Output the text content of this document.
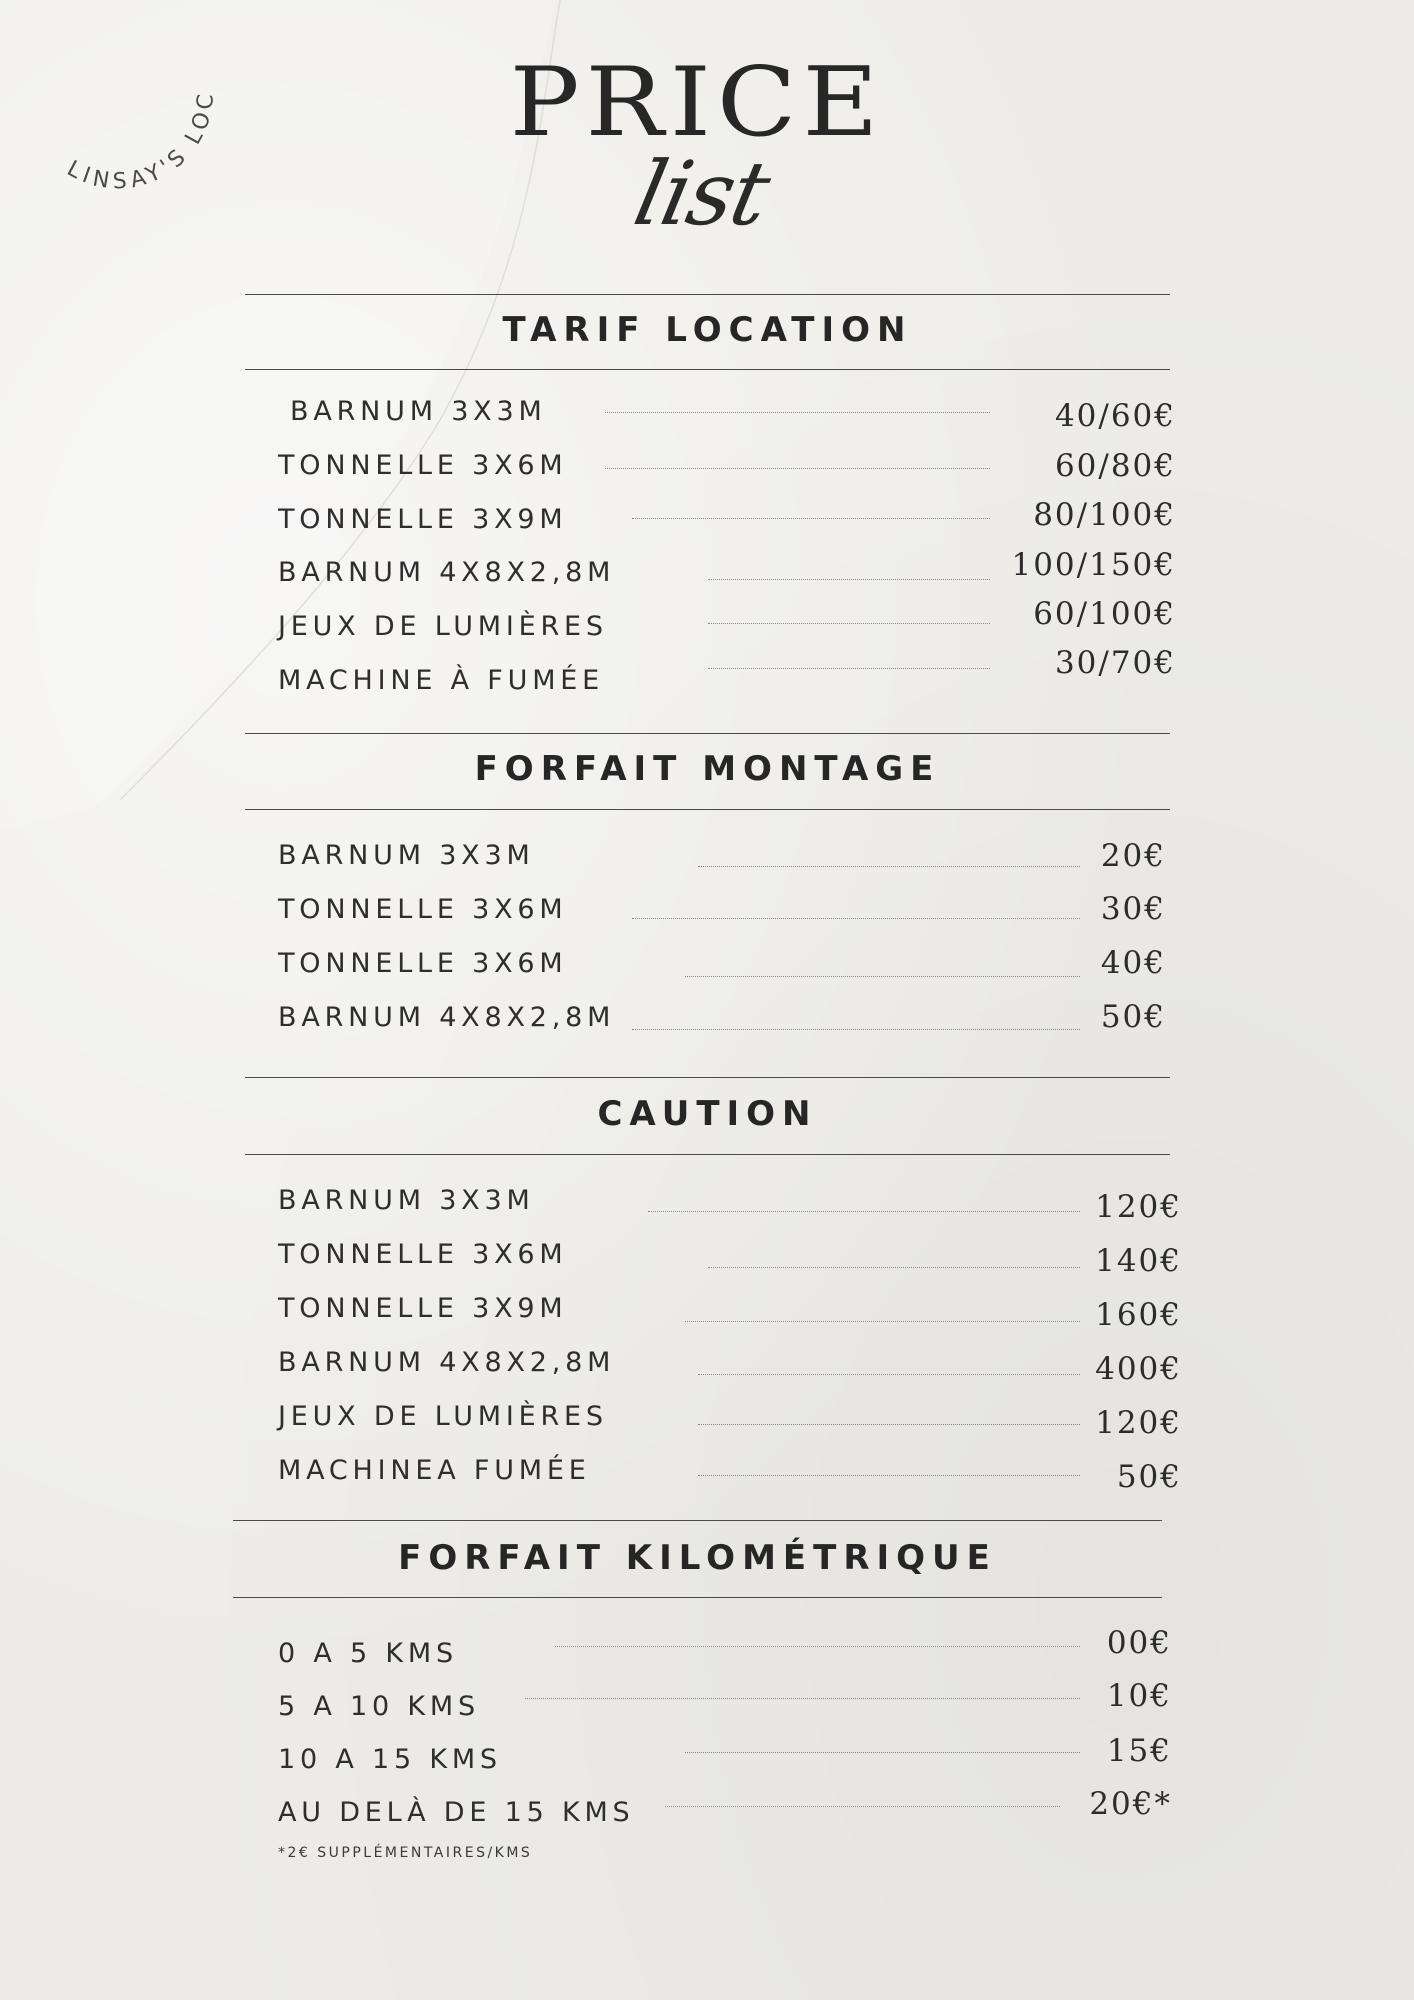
LINSAY'S LOC	PRICE
list
TARIF LOCATION
BARNUM 3X3M	40/60€
TONNELLE 3X6M	60/80€
TONNELLE 3X9M	80/100€
BARNUM 4X8X2,8M	100/150€
JEUX DE LUMIÈRES	60/100€
MACHINE À FUMÉE	30/70€
FORFAIT MONTAGE
BARNUM 3X3M	20€
TONNELLE 3X6M	30€
TONNELLE 3X6M	40€
BARNUM 4X8X2,8M	50€
CAUTION
BARNUM 3X3M	120€
TONNELLE 3X6M	140€
TONNELLE 3X9M	160€
BARNUM 4X8X2,8M	400€
JEUX DE LUMIÈRES	120€
MACHINEA FUMÉE	50€
FORFAIT KILOMÉTRIQUE
0 A 5 KMS	00€
5 A 10 KMS	10€
10 A 15 KMS	15€
AU DELÀ DE 15 KMS	20€*
*2€ SUPPLÉMENTAIRES/KMS
